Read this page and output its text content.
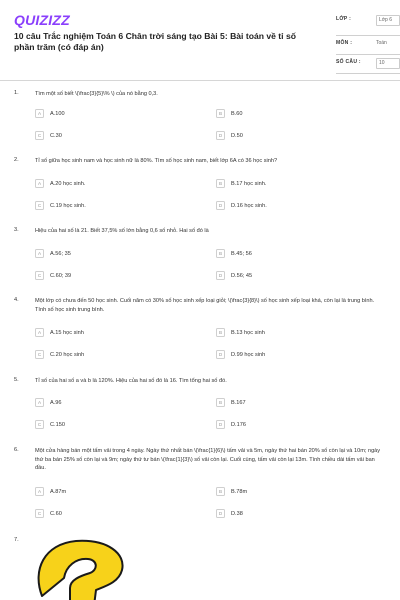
QUIZIZZ
10 câu Trắc nghiệm Toán 6 Chân trời sáng tạo Bài 5: Bài toán về tỉ số phần trăm (có đáp án)
LỚP :	Lớp 6
MÔN :	Toán
SỐ CÂU :	10
1.	Tìm một số biết \(\frac{3}{5}\% \) của nó bằng 0,3.
A	A.100	B	B.60
C	C.30	D	D.50
2.	Tỉ số giữa học sinh nam và học sinh nữ là 80%. Tìm số học sinh nam, biết lớp 6A có 36 học sinh?
A	A.20 học sinh.	B	B.17 học sinh.
C	C.19 học sinh.	D	D.16 học sinh.
3.	Hiệu của hai số là 21. Biết 37,5% số lớn bằng 0,6 số nhỏ. Hai số đó là
A	A.56; 35	B	B.45; 56
C	C.60; 39	D	D.56; 45
4.	Một lớp có chưa đến 50 học sinh. Cuối năm có 30% số học sinh xếp loại giỏi; \(\frac{3}{8}\) số học sinh xếp loại khá, còn lại là trung bình. Tính số học sinh trung bình.
A	A.15 học sinh	B	B.13 học sinh
C	C.20 học sinh	D	D.99 học sinh
5.	Tỉ số của hai số a và b là 120%. Hiệu của hai số đó là 16. Tìm tổng hai số đó.
A	A.96	B	B.167
C	C.150	D	D.176
6.	Một cửa hàng bán một tấm vải trong 4 ngày. Ngày thứ nhất bán \(\frac{1}{6}\) tấm vải và 5m, ngày thứ hai bán 20% số còn lại và 10m; ngày thứ ba bán 25% số còn lại và 9m; ngày thứ tư bán \(\frac{1}{3}\) số vải còn lại. Cuối cùng, tấm vải còn lại 13m. Tính chiều dài tấm vải ban đầu.
A	A.87m	B	B.78m
C	C.60	D	D.38
7.
